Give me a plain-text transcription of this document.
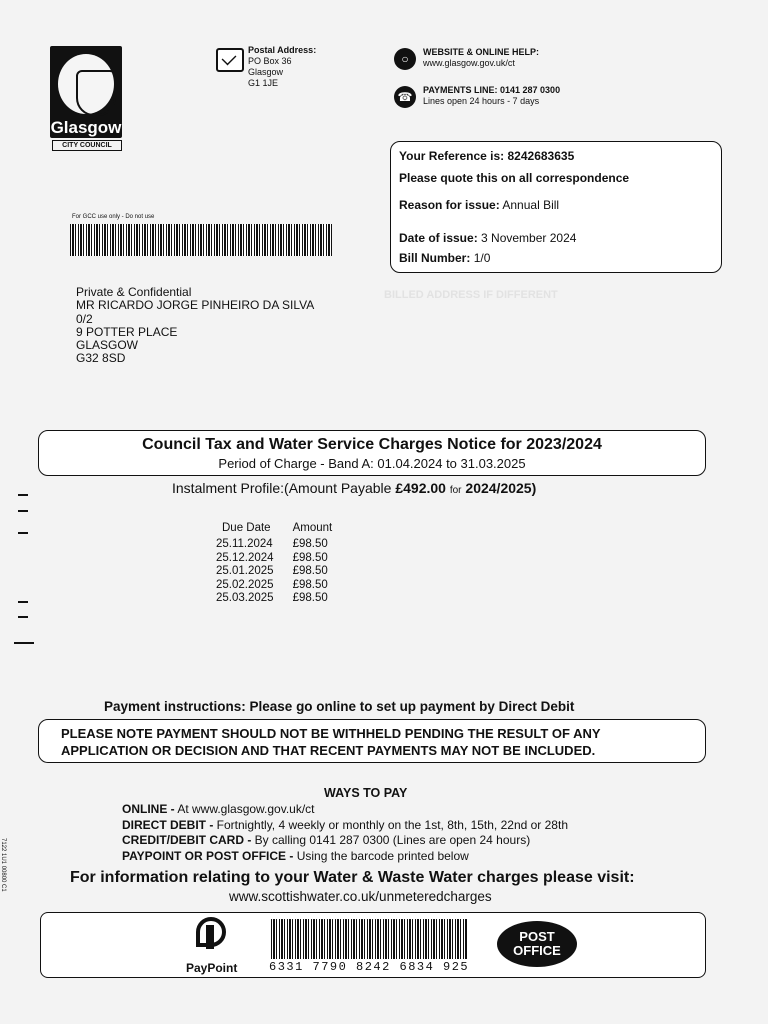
Glasgow
CITY COUNCIL
Postal Address:
PO Box 36
Glasgow
G1 1JE
○	WEBSITE & ONLINE HELP:
www.glasgow.gov.uk/ct
☎	PAYMENTS LINE: 0141 287 0300
Lines open 24 hours - 7 days
Your Reference is: 8242683635
Please quote this on all correspondence
Reason for issue: Annual Bill
Date of issue: 3 November 2024
Bill Number: 1/0
For GCC use only - Do not use
Private & Confidential
MR RICARDO JORGE PINHEIRO DA SILVA
0/2
9 POTTER PLACE
GLASGOW
G32 8SD
BILLED ADDRESS IF DIFFERENT
Council Tax and Water Service Charges Notice for 2023/2024
Period of Charge - Band A: 01.04.2024 to 31.03.2025
Instalment Profile:(Amount Payable £492.00 for 2024/2025)
Due Date	Amount
25.11.2024	£98.50
25.12.2024	£98.50
25.01.2025	£98.50
25.02.2025	£98.50
25.03.2025	£98.50
Payment instructions: Please go online to set up payment by Direct Debit
PLEASE NOTE PAYMENT SHOULD NOT BE WITHHELD PENDING THE RESULT OF ANY
APPLICATION OR DECISION AND THAT RECENT PAYMENTS MAY NOT BE INCLUDED.
WAYS TO PAY
ONLINE - At www.glasgow.gov.uk/ct
DIRECT DEBIT - Fortnightly, 4 weekly or monthly on the 1st, 8th, 15th, 22nd or 28th
CREDIT/DEBIT CARD - By calling 0141 287 0300 (Lines are open 24 hours)
PAYPOINT OR POST OFFICE - Using the barcode printed below
7122 1U1 00800 C1	For information relating to your Water & Waste Water charges please visit:
www.scottishwater.co.uk/unmeteredcharges
PayPoint	6331 7790 8242 6834 925
POST
OFFICE
